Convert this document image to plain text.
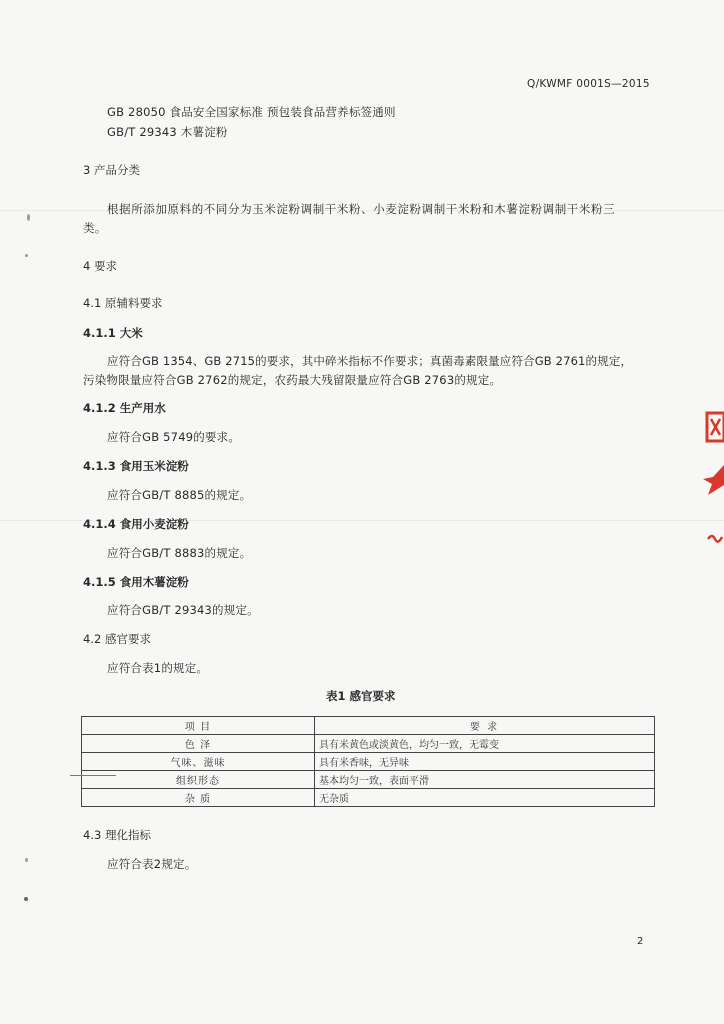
Q/KWMF 0001S—2015
GB 28050 食品安全国家标准 预包装食品营养标签通则
GB/T 29343 木薯淀粉
3 产品分类
根据所添加原料的不同分为玉米淀粉调制干米粉、小麦淀粉调制干米粉和木薯淀粉调制干米粉三
类。
4 要求
4.1 原辅料要求
4.1.1 大米
应符合GB 1354、GB 2715的要求，其中碎米指标不作要求；真菌毒素限量应符合GB 2761的规定，
污染物限量应符合GB 2762的规定，农药最大残留限量应符合GB 2763的规定。
4.1.2 生产用水
应符合GB 5749的要求。
4.1.3 食用玉米淀粉
应符合GB/T 8885的规定。
4.1.4 食用小麦淀粉
应符合GB/T 8883的规定。
4.1.5 食用木薯淀粉
应符合GB/T 29343的规定。
4.2 感官要求
应符合表1的规定。
表1 感官要求
项 目	要 求
色 泽	具有米黄色或淡黄色，均匀一致，无霉变
气味、滋味	具有米香味，无异味
组织形态	基本均匀一致，表面平滑
杂 质	无杂质
4.3 理化指标
应符合表2规定。
2
